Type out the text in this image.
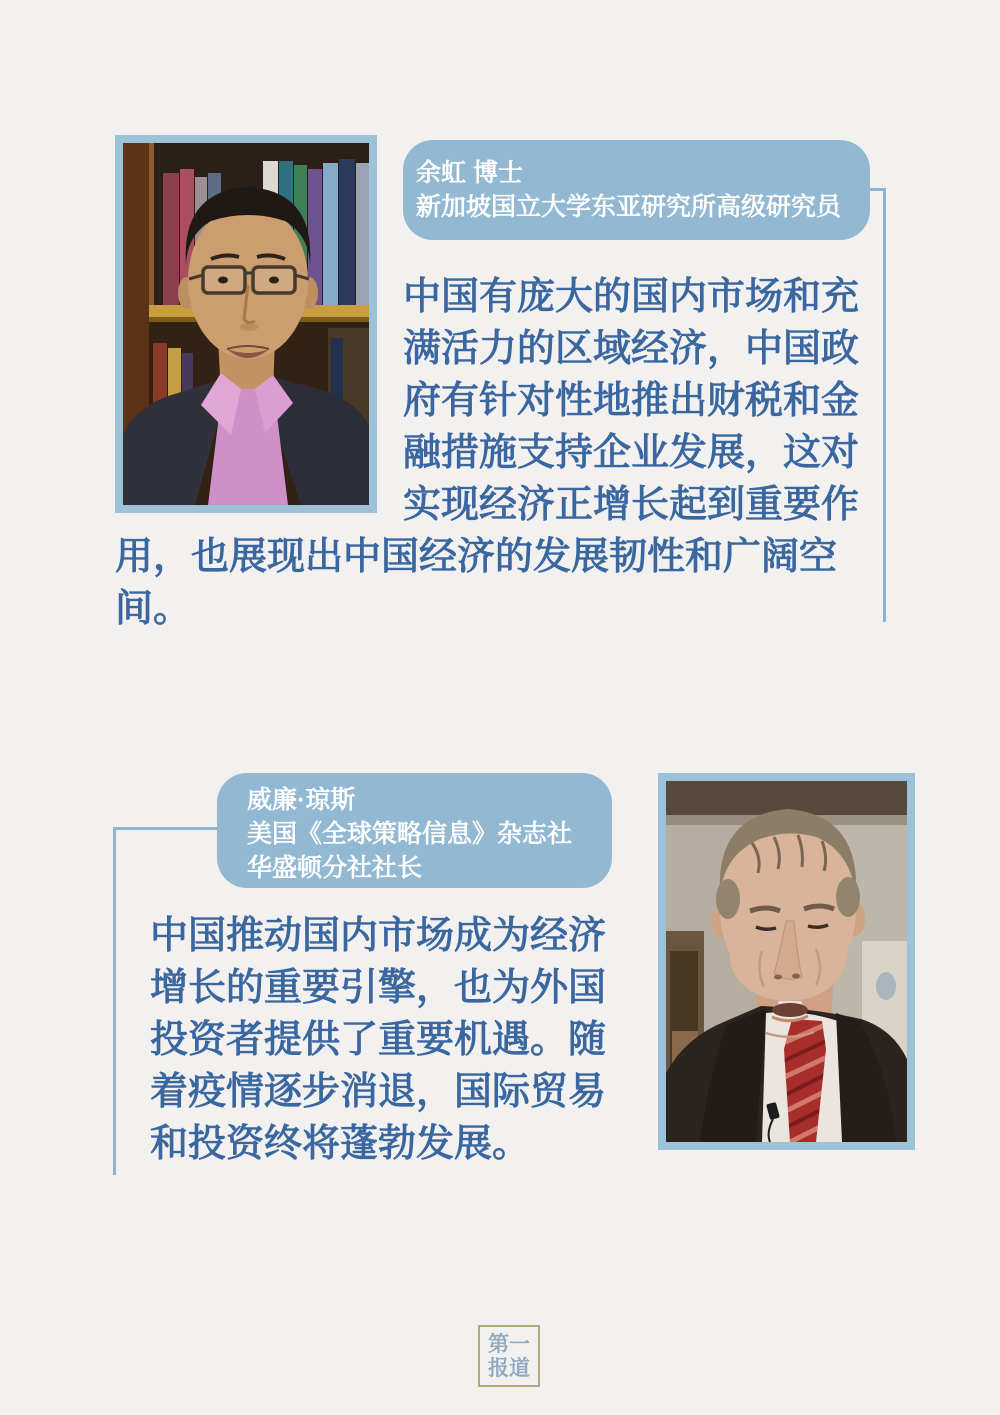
余虹 博士
新加坡国立大学东亚研究所高级研究员

中国有庞大的国内市场和充满活力的区域经济，中国政府有针对性地推出财税和金融措施支持企业发展，这对实现经济正增长起到重要作用，也展现出中国经济的发展韧性和广阔空间。

威廉·琼斯
美国《全球策略信息》杂志社
华盛顿分社社长

中国推动国内市场成为经济增长的重要引擎，也为外国投资者提供了重要机遇。随着疫情逐步消退，国际贸易和投资终将蓬勃发展。

第 一
报 道
